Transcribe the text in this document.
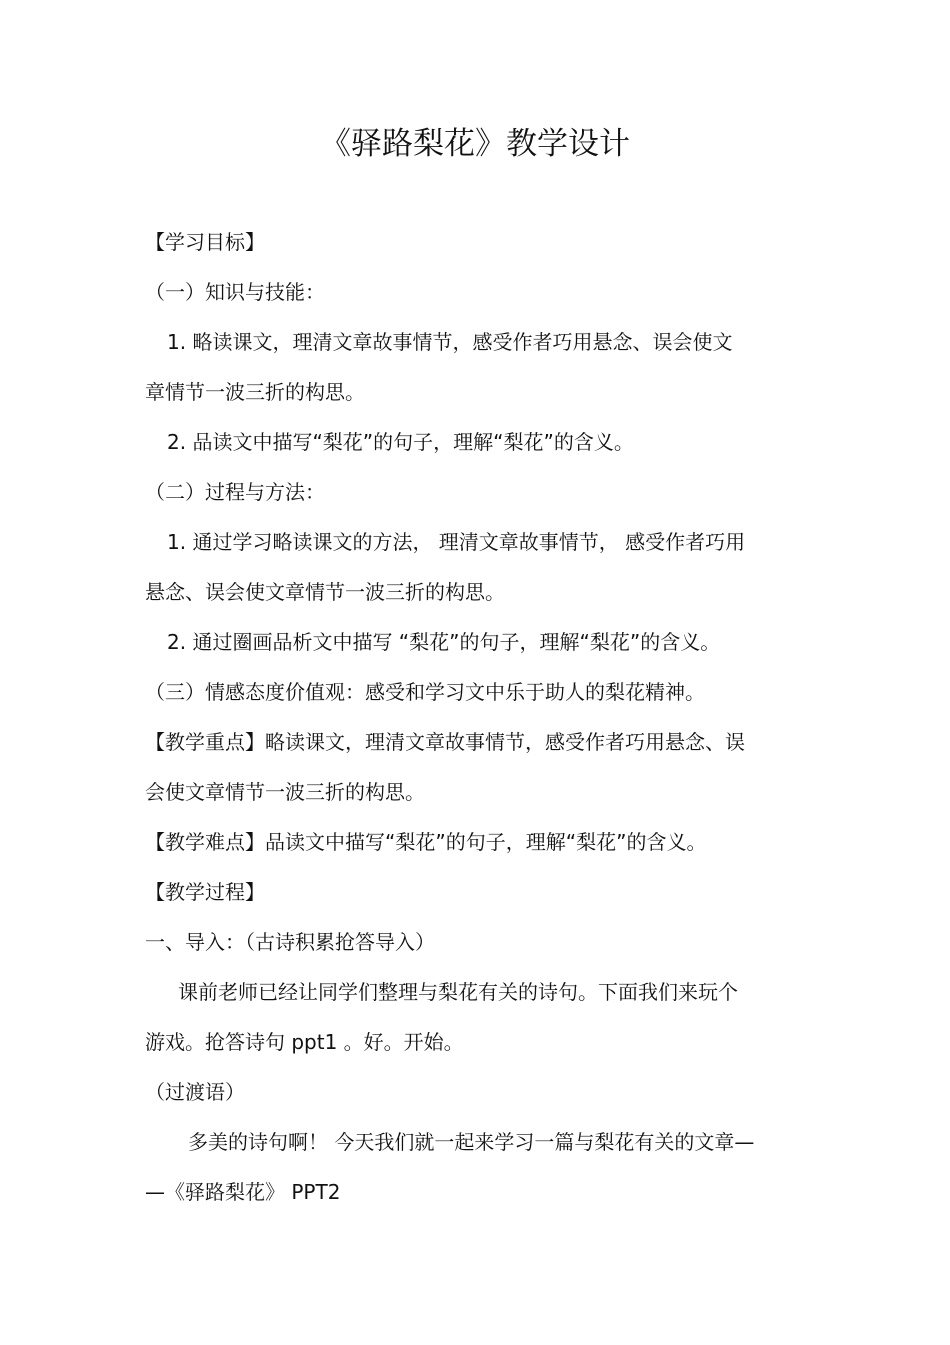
《驿路梨花》教学设计
【学习目标】
（一）知识与技能：
1. 略读课文，理清文章故事情节，感受作者巧用悬念、误会使文
章情节一波三折的构思。
2. 品读文中描写“梨花”的句子，理解“梨花”的含义。
（二）过程与方法：
1. 通过学习略读课文的方法， 理清文章故事情节， 感受作者巧用
悬念、误会使文章情节一波三折的构思。
2. 通过圈画品析文中描写 “梨花”的句子，理解“梨花”的含义。
（三）情感态度价值观：感受和学习文中乐于助人的梨花精神。
【教学重点】略读课文，理清文章故事情节，感受作者巧用悬念、误
会使文章情节一波三折的构思。
【教学难点】品读文中描写“梨花”的句子，理解“梨花”的含义。
【教学过程】
一、导入：（古诗积累抢答导入）
课前老师已经让同学们整理与梨花有关的诗句。下面我们来玩个
游戏。抢答诗句 ppt1 。好。开始。
（过渡语）
多美的诗句啊！ 今天我们就一起来学习一篇与梨花有关的文章—
—《驿路梨花》 PPT2
